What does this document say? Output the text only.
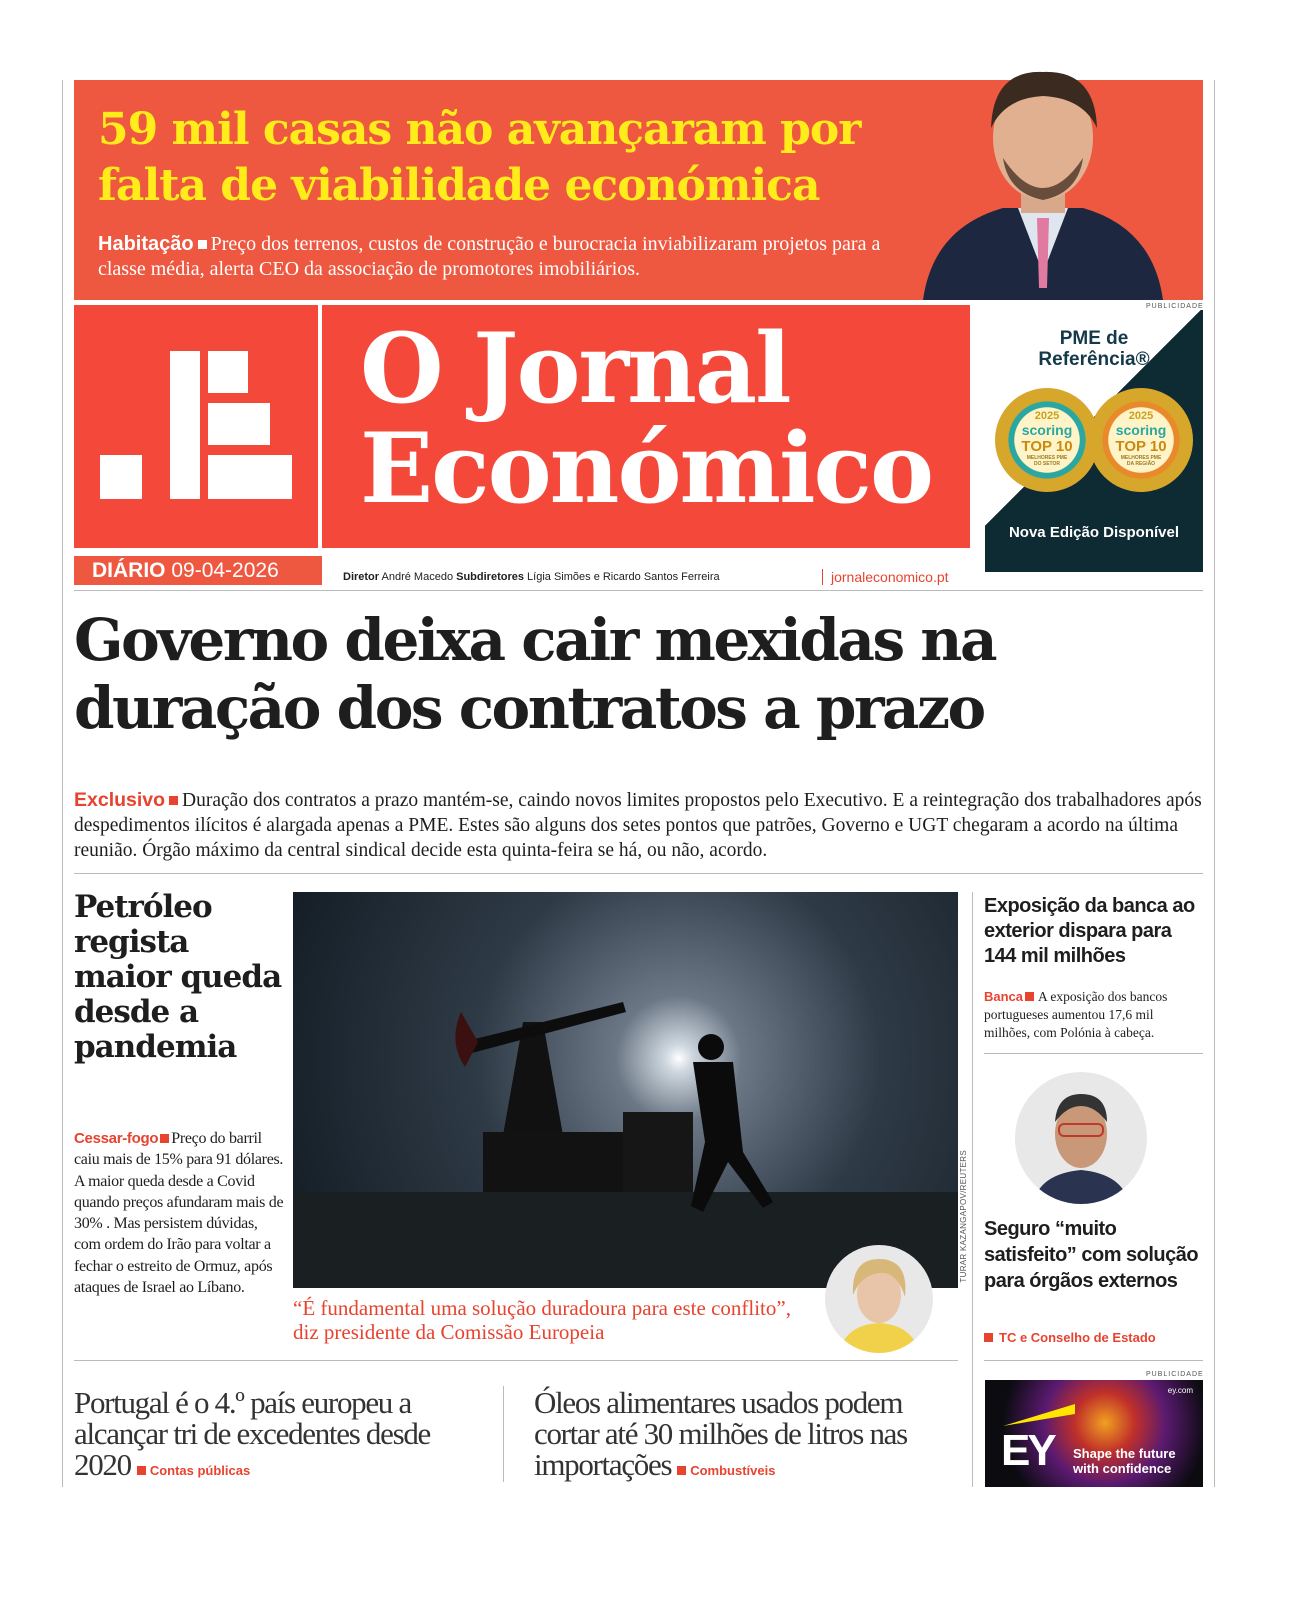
59 mil casas não avançaram por falta de viabilidade económica

Habitação Preço dos terrenos, custos de construção e burocracia inviabilizaram projetos para a classe média, alerta CEO da associação de promotores imobiliários.

O Jornal
Económico
PUBLICIDADE
PME de Referência®
2025
scoring
TOP 10
MELHORES PME DO SETOR
2025
scoring
TOP 10
MELHORES PME DA REGIÃO
Nova Edição Disponível
DIÁRIO 09-04-2026	Diretor André Macedo Subdiretores Lígia Simões e Ricardo Santos Ferreira	jornaleconomico.pt
Governo deixa cair mexidas na duração dos contratos a prazo

Exclusivo Duração dos contratos a prazo mantém-se, caindo novos limites propostos pelo Executivo. E a reintegração dos trabalhadores após despedimentos ilícitos é alargada apenas a PME. Estes são alguns dos setes pontos que patrões, Governo e UGT chegaram a acordo na última reunião. Órgão máximo da central sindical decide esta quinta-feira se há, ou não, acordo.

Petróleo regista maior queda desde a pandemia

Cessar-fogo Preço do barril caiu mais de 15% para 91 dólares. A maior queda desde a Covid quando preços afundaram mais de 30% . Mas persistem dúvidas, com ordem do Irão para voltar a fechar o estreito de Ormuz, após ataques de Israel ao Líbano.

TURAR KAZANGAPOV/REUTERS

“É fundamental uma solução duradoura para este conflito”, diz presidente da Comissão Europeia

Exposição da banca ao exterior dispara para 144 mil milhões

Banca A exposição dos bancos portugueses aumentou 17,6 mil milhões, com Polónia à cabeça.

Seguro “muito satisfeito” com solução para órgãos externos
TC e Conselho de Estado
PUBLICIDADE
ey.com
EY Shape the future with confidence

Portugal é o 4.º país europeu a alcançar tri de excedentes desde 2020 Contas públicas

Óleos alimentares usados podem cortar até 30 milhões de litros nas importações Combustíveis
